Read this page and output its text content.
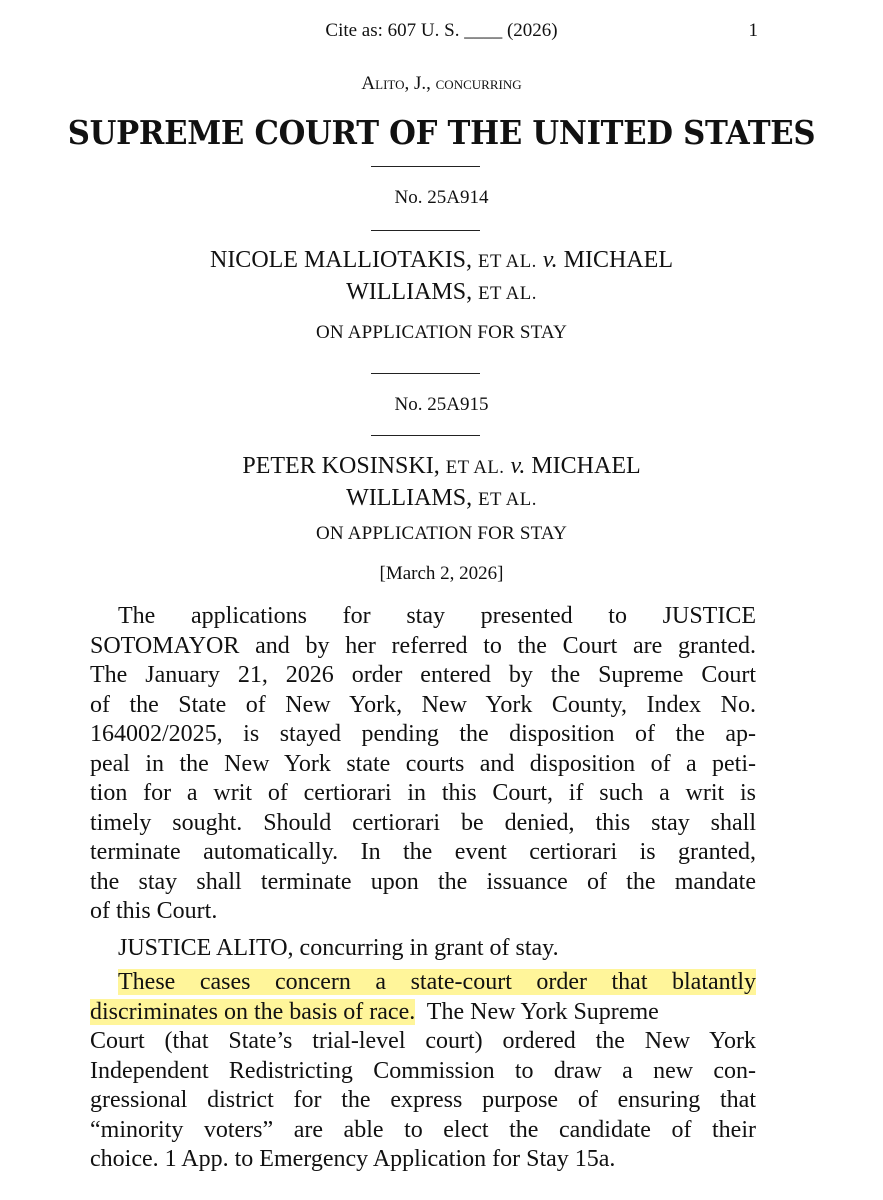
Cite as: 607 U. S. ____ (2026)	1
Alito, J., concurring
SUPREME COURT OF THE UNITED STATES
No. 25A914
NICOLE MALLIOTAKIS, ET AL. v. MICHAEL
WILLIAMS, ET AL.
ON APPLICATION FOR STAY
No. 25A915
PETER KOSINSKI, ET AL. v. MICHAEL
WILLIAMS, ET AL.
ON APPLICATION FOR STAY
[March 2, 2026]
The applications for stay presented to JUSTICE
SOTOMAYOR and by her referred to the Court are granted.
The January 21, 2026 order entered by the Supreme Court
of the State of New York, New York County, Index No.
164002/2025, is stayed pending the disposition of the ap-
peal in the New York state courts and disposition of a peti-
tion for a writ of certiorari in this Court, if such a writ is
timely sought. Should certiorari be denied, this stay shall
terminate automatically. In the event certiorari is granted,
the stay shall terminate upon the issuance of the mandate
of this Court.
JUSTICE ALITO, concurring in grant of stay.
These cases concern a state-court order that blatantly
discriminates on the basis of race.  The New York Supreme
Court (that State’s trial-level court) ordered the New York
Independent Redistricting Commission to draw a new con-
gressional district for the express purpose of ensuring that
“minority voters” are able to elect the candidate of their
choice. 1 App. to Emergency Application for Stay 15a.
